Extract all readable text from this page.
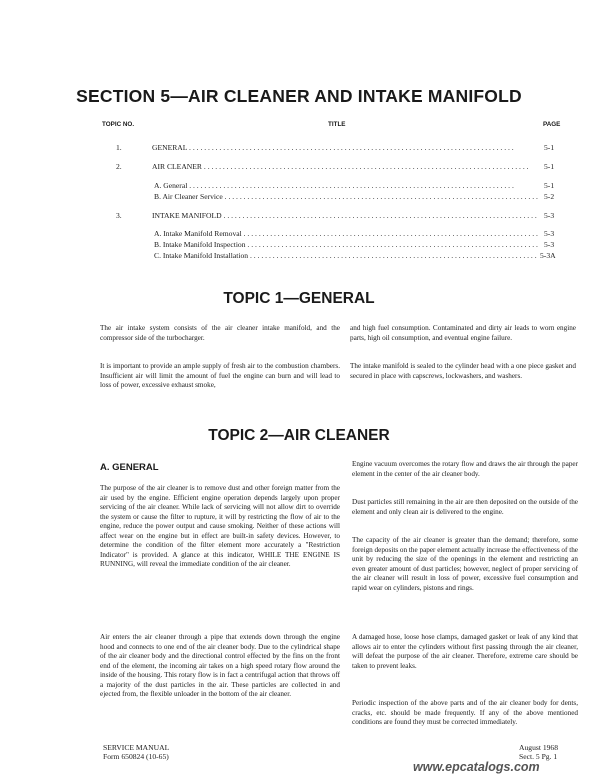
SECTION 5—AIR CLEANER AND INTAKE MANIFOLD
TOPIC NO.	TITLE	PAGE
1.	GENERAL . . .	5-1
2.	AIR CLEANER . . .	5-1
A. General . . .	5-1
B. Air Cleaner Service . . .	5-2
3.	INTAKE MANIFOLD . . .	5-3
A. Intake Manifold Removal . . .	5-3
B. Intake Manifold Inspection . . .	5-3
C. Intake Manifold Installation . . .	5-3A
TOPIC 1—GENERAL

The air intake system consists of the air cleaner intake manifold, and the compressor side of the turbocharger.

It is important to provide an ample supply of fresh air to the combustion chambers. Insufficient air will limit the amount of fuel the engine can burn and will lead to loss of power, excessive exhaust smoke,

and high fuel consumption. Contaminated and dirty air leads to worn engine parts, high oil consumption, and eventual engine failure.

The intake manifold is sealed to the cylinder head with a one piece gasket and secured in place with capscrews, lockwashers, and washers.

TOPIC 2—AIR CLEANER
A. GENERAL

The purpose of the air cleaner is to remove dust and other foreign matter from the air used by the engine. Efficient engine operation depends largely upon proper servicing of the air cleaner. While lack of servicing will not allow dirt to override the system or cause the filter to rupture, it will by restricting the flow of air to the engine, reduce the power output and cause smoking. Neither of these actions will affect wear on the engine but in effect are built-in safety devices. However, to determine the condition of the filter element more accurately a "Restriction Indicator" is provided. A glance at this indicator, WHILE THE ENGINE IS RUNNING, will reveal the immediate condition of the air cleaner.

Air enters the air cleaner through a pipe that extends down through the engine hood and connects to one end of the air cleaner body. Due to the cylindrical shape of the air cleaner body and the directional control effected by the fins on the front end of the element, the incoming air takes on a high speed rotary flow around the inside of the housing. This rotary flow is in fact a centrifugal action that throws off a majority of the dust particles in the air. These particles are collected in and ejected from, the flexible unloader in the bottom of the air cleaner.

Engine vacuum overcomes the rotary flow and draws the air through the paper element in the center of the air cleaner body.

Dust particles still remaining in the air are then deposited on the outside of the element and only clean air is delivered to the engine.

The capacity of the air cleaner is greater than the demand; therefore, some foreign deposits on the paper element actually increase the effectiveness of the unit by reducing the size of the openings in the element and restricting an even greater amount of dust particles; however, neglect of proper servicing of the air cleaner will result in loss of power, excessive fuel consumption and rapid wear on cylinders, pistons and rings.

A damaged hose, loose hose clamps, damaged gasket or leak of any kind that allows air to enter the cylinders without first passing through the air cleaner, will defeat the purpose of the air cleaner. Therefore, extreme care should be taken to prevent leaks.

Periodic inspection of the above parts and of the air cleaner body for dents, cracks, etc. should be made frequently. If any of the above mentioned conditions are found they must be corrected immediately.

SERVICE MANUAL
Form 650824 (10-65)
August 1968
Sect. 5 Pg. 1
www.epcatalogs.com
